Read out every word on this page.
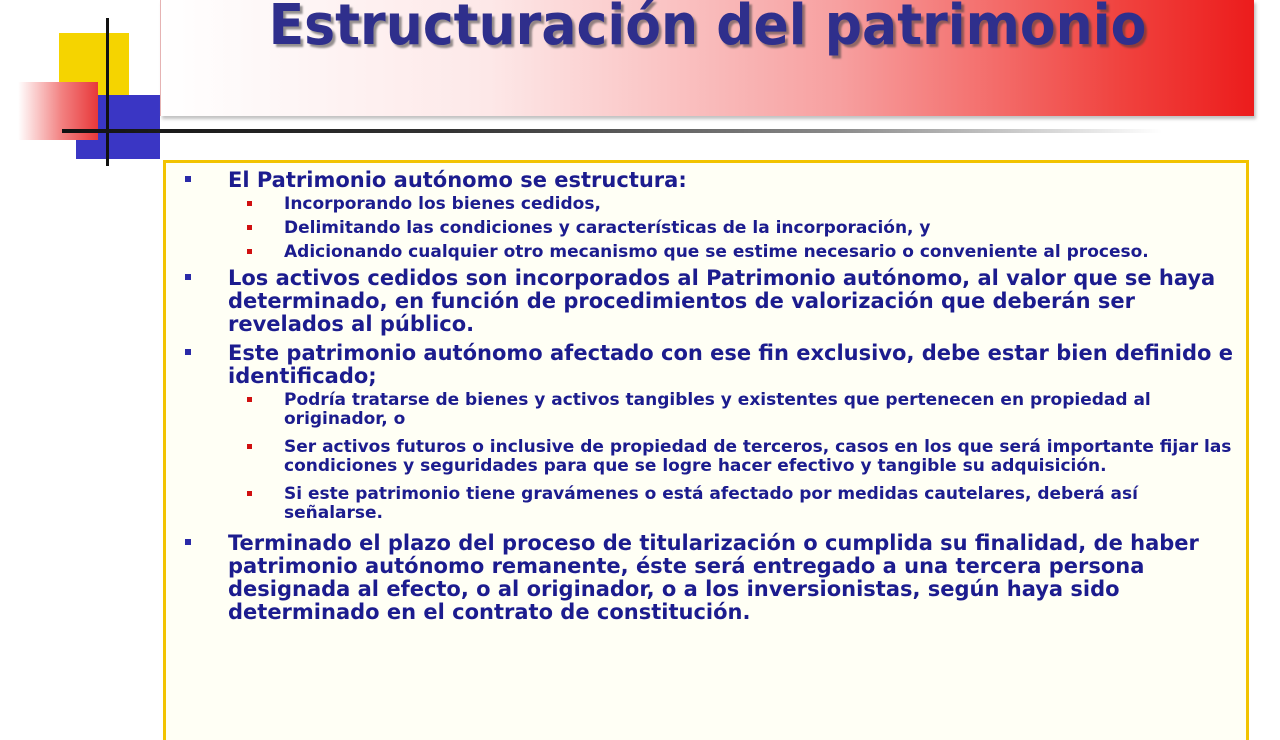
Estructuración del patrimonio
El Patrimonio autónomo se estructura:
Incorporando los bienes cedidos,
Delimitando las condiciones y características de la incorporación, y
Adicionando cualquier otro mecanismo que se estime necesario o conveniente al proceso.
Los activos cedidos son incorporados al Patrimonio autónomo, al valor que se haya determinado, en función de procedimientos de valorización que deberán ser revelados al público.
Este patrimonio autónomo afectado con ese fin exclusivo, debe estar bien definido e identificado;
Podría tratarse de bienes y activos tangibles y existentes que pertenecen en propiedad al originador, o
Ser activos futuros o inclusive de propiedad de terceros, casos en los que será importante fijar las condiciones y seguridades para que se logre hacer efectivo y tangible su adquisición.
Si este patrimonio tiene gravámenes o está afectado por medidas cautelares, deberá así señalarse.
Terminado el plazo del proceso de titularización o cumplida su finalidad, de haber patrimonio autónomo remanente, éste será entregado a una tercera persona designada al efecto, o al originador, o a los inversionistas, según haya sido determinado en el contrato de constitución.
